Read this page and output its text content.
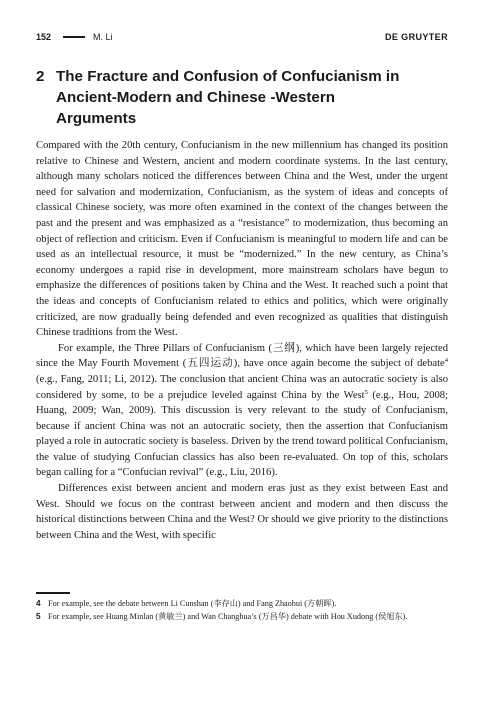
152	M. Li	DE GRUYTER
2 The Fracture and Confusion of Confucianism in Ancient-Modern and Chinese -Western Arguments

Compared with the 20th century, Confucianism in the new millennium has changed its position relative to Chinese and Western, ancient and modern coordinate systems. In the last century, although many scholars noticed the differences between China and the West, under the urgent need for salvation and modernization, Confucianism, as the system of ideas and concepts of classical Chinese society, was more often examined in the context of the changes between the past and the present and was emphasized as a “resistance” to modernization, thus becoming an object of reflection and criticism. Even if Confucianism is meaningful to modern life and can be used as an intellectual resource, it must be “modernized.” In the new century, as China’s economy undergoes a rapid rise in development, more mainstream scholars have begun to emphasize the differences of positions taken by China and the West. It reached such a point that the ideas and concepts of Confucianism related to ethics and politics, which were originally criticized, are now gradually being defended and even recognized as qualities that distinguish Chinese traditions from the West.

For example, the Three Pillars of Confucianism (三纲), which have been largely rejected since the May Fourth Movement (五四运动), have once again become the subject of debate$^4$ (e.g., Fang, 2011; Li, 2012). The conclusion that ancient China was an autocratic society is also considered by some, to be a prejudice leveled against China by the West$^5$ (e.g., Hou, 2008; Huang, 2009; Wan, 2009). This discussion is very relevant to the study of Confucianism, because if ancient China was not an autocratic society, then the assertion that Confucianism played a role in autocratic society is baseless. Driven by the trend toward political Confucianism, the value of studying Confucian classics has also been re-evaluated. On top of this, scholars began calling for a “Confucian revival” (e.g., Liu, 2016).

Differences exist between ancient and modern eras just as they exist between East and West. Should we focus on the contrast between ancient and modern and then discuss the historical distinctions between China and the West? Or should we give priority to the distinctions between China and the West, with specific

4 For example, see the debate between Li Cunshan (李存山) and Fang Zhaohui (方朝晖).
5 For example, see Huang Minlan (黄敏兰) and Wan Changhua’s (万昌华) debate with Hou Xudong (侯旭东).
